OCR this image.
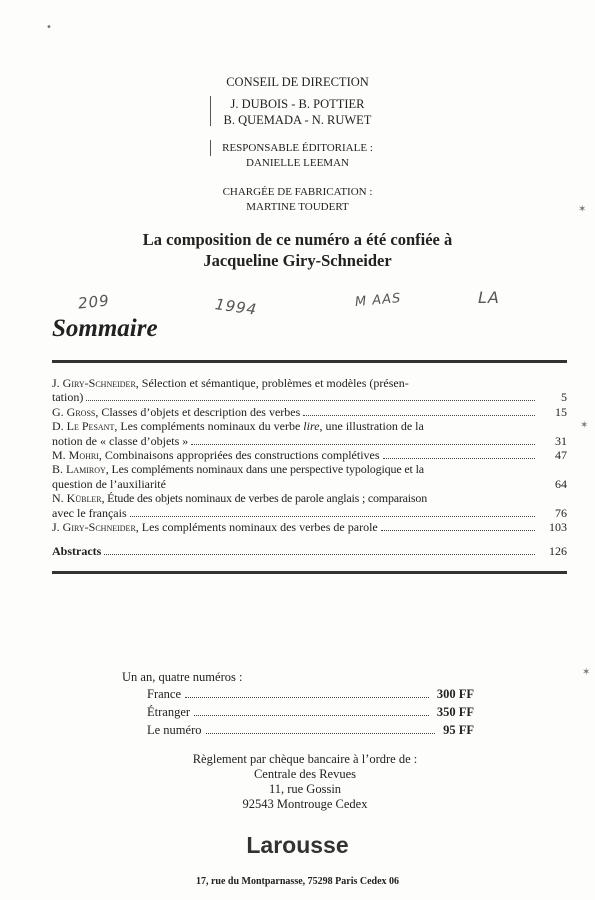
CONSEIL DE DIRECTION
J. DUBOIS - B. POTTIER
B. QUEMADA - N. RUWET
RESPONSABLE ÉDITORIALE :
DANIELLE LEEMAN
CHARGÉE DE FABRICATION :
MARTINE TOUDERT
La composition de ce numéro a été confiée à
Jacqueline Giry-Schneider
209	1994	M AAS	LA
Sommaire
J. Giry-Schneider, Sélection et sémantique, problèmes et modèles (présen-
tation)	5
G. Gross, Classes d’objets et description des verbes	15
D. Le Pesant, Les compléments nominaux du verbe lire, une illustration de la
notion de « classe d’objets »	31
M. Mohri, Combinaisons appropriées des constructions complétives	47
B. Lamiroy, Les compléments nominaux dans une perspective typologique et la
question de l’auxiliarité	64
N. Kübler, Étude des objets nominaux de verbes de parole anglais ; comparaison
avec le français	76
J. Giry-Schneider, Les compléments nominaux des verbes de parole	103
Abstracts	126
Un an, quatre numéros :
France	300 FF
Étranger	350 FF
Le numéro	95 FF
Règlement par chèque bancaire à l’ordre de :
Centrale des Revues
11, rue Gossin
92543 Montrouge Cedex
Larousse
17, rue du Montparnasse, 75298 Paris Cedex 06
•
✶
✶
✶
